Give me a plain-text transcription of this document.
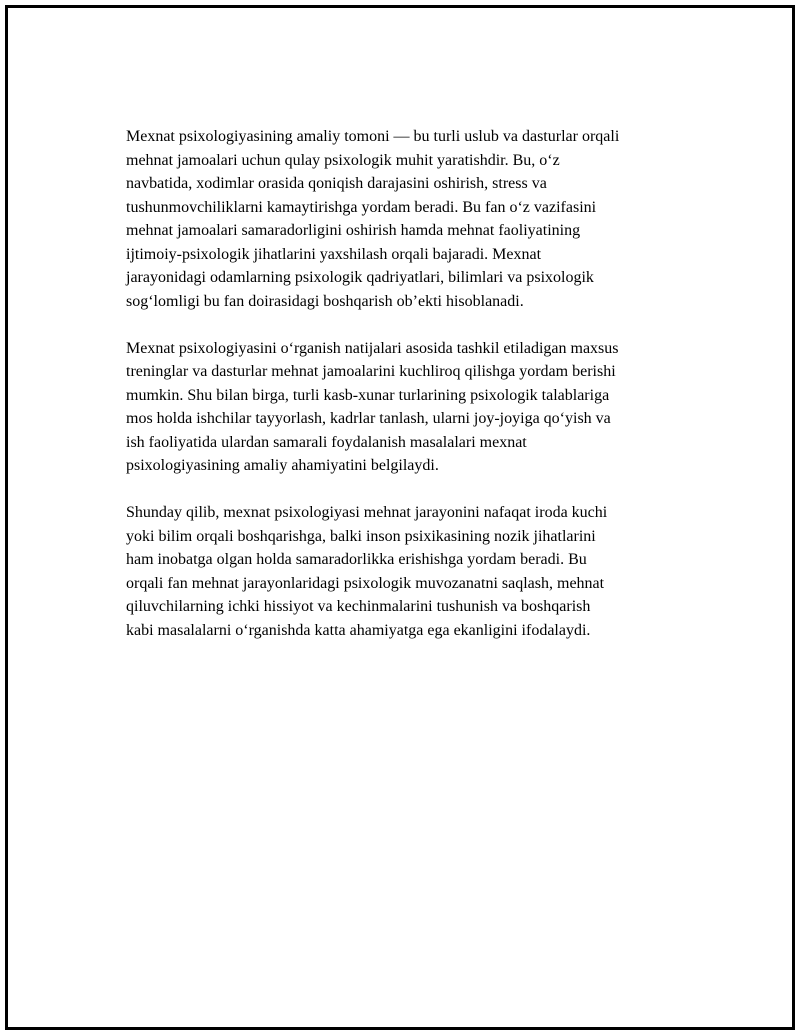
Mexnat psixologiyasining amaliy tomoni — bu turli uslub va dasturlar orqali
mehnat jamoalari uchun qulay psixologik muhit yaratishdir. Bu, o‘z
navbatida, xodimlar orasida qoniqish darajasini oshirish, stress va
tushunmovchiliklarni kamaytirishga yordam beradi. Bu fan o‘z vazifasini
mehnat jamoalari samaradorligini oshirish hamda mehnat faoliyatining
ijtimoiy-psixologik jihatlarini yaxshilash orqali bajaradi. Mexnat
jarayonidagi odamlarning psixologik qadriyatlari, bilimlari va psixologik
sog‘lomligi bu fan doirasidagi boshqarish ob’ekti hisoblanadi.

Mexnat psixologiyasini o‘rganish natijalari asosida tashkil etiladigan maxsus
treninglar va dasturlar mehnat jamoalarini kuchliroq qilishga yordam berishi
mumkin. Shu bilan birga, turli kasb-xunar turlarining psixologik talablariga
mos holda ishchilar tayyorlash, kadrlar tanlash, ularni joy-joyiga qo‘yish va
ish faoliyatida ulardan samarali foydalanish masalalari mexnat
psixologiyasining amaliy ahamiyatini belgilaydi.

Shunday qilib, mexnat psixologiyasi mehnat jarayonini nafaqat iroda kuchi
yoki bilim orqali boshqarishga, balki inson psixikasining nozik jihatlarini
ham inobatga olgan holda samaradorlikka erishishga yordam beradi. Bu
orqali fan mehnat jarayonlaridagi psixologik muvozanatni saqlash, mehnat
qiluvchilarning ichki hissiyot va kechinmalarini tushunish va boshqarish
kabi masalalarni o‘rganishda katta ahamiyatga ega ekanligini ifodalaydi.
